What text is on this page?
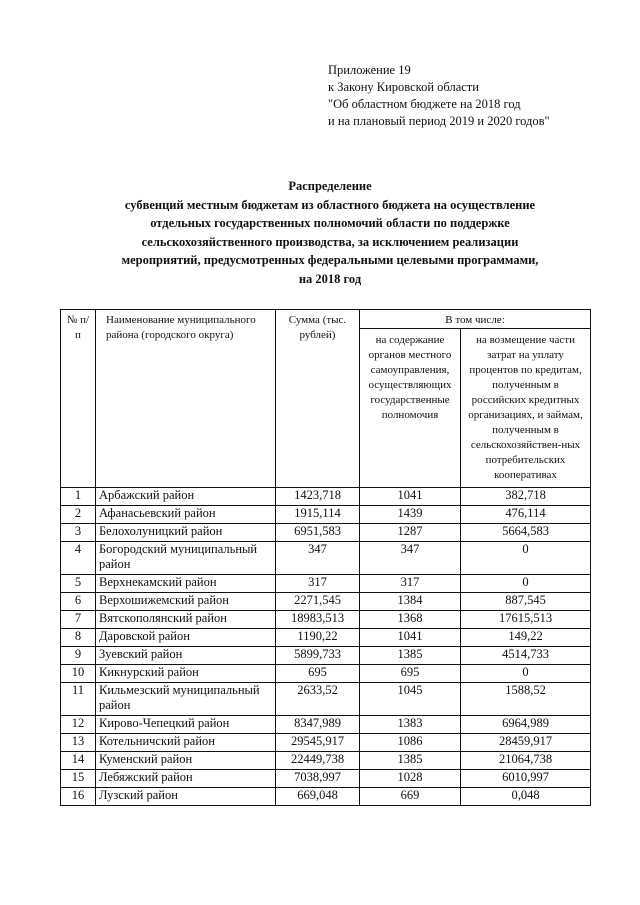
Приложение 19
к Закону Кировской области
"Об областном бюджете на 2018 год
и на плановый период 2019 и 2020 годов"
Распределение
субвенций местным бюджетам из областного бюджета на осуществление
отдельных государственных полномочий области по поддержке
сельскохозяйственного производства, за исключением реализации
мероприятий, предусмотренных федеральными целевыми программами,
на 2018 год
№ п/п	Наименование муниципального района (городского округа)	Сумма (тыс. рублей)	В том числе:	
			на содержание органов местного самоуправления, осуществляющих государственные полномочия	на возмещение части затрат на уплату процентов по кредитам, полученным в российских кредитных организациях, и займам, полученным в сельскохозяйствен-ных потребительских кооперативах
1	Арбажский район	1423,718	1041	382,718
2	Афанасьевский район	1915,114	1439	476,114
3	Белохолуницкий район	6951,583	1287	5664,583
4	Богородский муниципальный район	347	347	0
5	Верхнекамский район	317	317	0
6	Верхошижемский район	2271,545	1384	887,545
7	Вятскополянский район	18983,513	1368	17615,513
8	Даровской район	1190,22	1041	149,22
9	Зуевский район	5899,733	1385	4514,733
10	Кикнурский район	695	695	0
11	Кильмезский муниципальный район	2633,52	1045	1588,52
12	Кирово-Чепецкий район	8347,989	1383	6964,989
13	Котельничский район	29545,917	1086	28459,917
14	Куменский район	22449,738	1385	21064,738
15	Лебяжский район	7038,997	1028	6010,997
16	Лузский район	669,048	669	0,048
